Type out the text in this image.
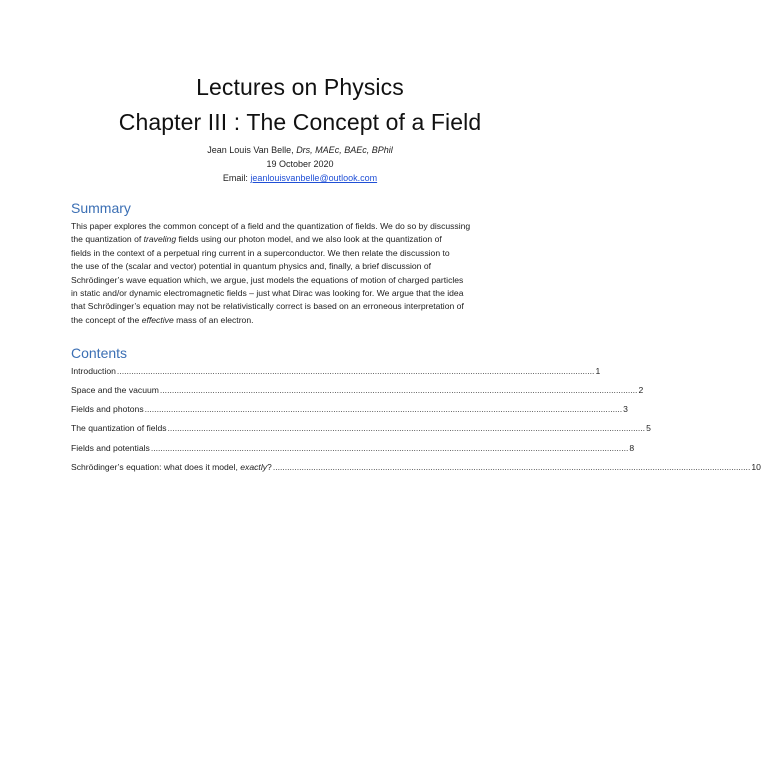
Lectures on Physics
Chapter III : The Concept of a Field
Jean Louis Van Belle, Drs, MAEc, BAEc, BPhil
19 October 2020
Email: jeanlouisvanbelle@outlook.com
Summary
This paper explores the common concept of a field and the quantization of fields. We do so by discussing
the quantization of traveling fields using our photon model, and we also look at the quantization of
fields in the context of a perpetual ring current in a superconductor. We then relate the discussion to
the use of the (scalar and vector) potential in quantum physics and, finally, a brief discussion of
Schrödinger’s wave equation which, we argue, just models the equations of motion of charged particles
in static and/or dynamic electromagnetic fields – just what Dirac was looking for. We argue that the idea
that Schrödinger’s equation may not be relativistically correct is based on an erroneous interpretation of
the concept of the effective mass of an electron.
Contents
Introduction ........................................................................................................................................................................................................ 1
Space and the vacuum ........................................................................................................................................................................................................ 2
Fields and photons ........................................................................................................................................................................................................ 3
The quantization of fields ........................................................................................................................................................................................................ 5
Fields and potentials ........................................................................................................................................................................................................ 8
Schrödinger’s equation: what does it model, exactly? ........................................................................................................................................................................................................ 10
